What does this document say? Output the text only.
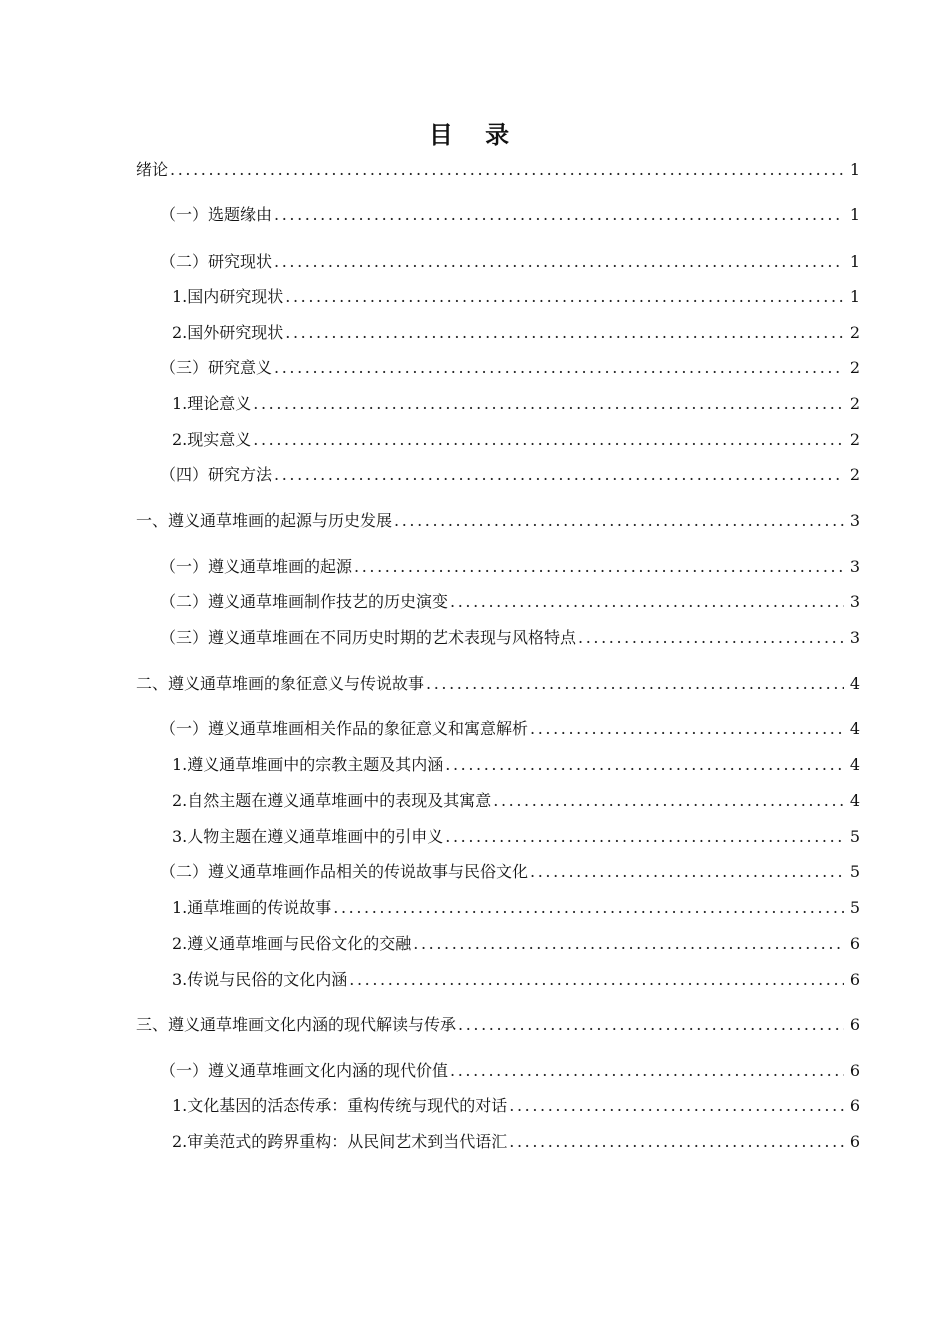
目 录
绪论 .....	1
（一）选题缘由 .....	1
（二）研究现状 .....	1
1.国内研究现状 .....	1
2.国外研究现状 .....	2
（三）研究意义 .....	2
1.理论意义 .....	2
2.现实意义 .....	2
（四）研究方法 .....	2
一、遵义通草堆画的起源与历史发展 .....	3
（一）遵义通草堆画的起源 .....	3
（二）遵义通草堆画制作技艺的历史演变 .....	3
（三）遵义通草堆画在不同历史时期的艺术表现与风格特点 .....	3
二、遵义通草堆画的象征意义与传说故事 .....	4
（一）遵义通草堆画相关作品的象征意义和寓意解析 .....	4
1.遵义通草堆画中的宗教主题及其内涵 .....	4
2.自然主题在遵义通草堆画中的表现及其寓意 .....	4
3.人物主题在遵义通草堆画中的引申义 .....	5
（二）遵义通草堆画作品相关的传说故事与民俗文化 .....	5
1.通草堆画的传说故事 .....	5
2.遵义通草堆画与民俗文化的交融 .....	6
3.传说与民俗的文化内涵 .....	6
三、遵义通草堆画文化内涵的现代解读与传承 .....	6
（一）遵义通草堆画文化内涵的现代价值 .....	6
1.文化基因的活态传承：重构传统与现代的对话 .....	6
2.审美范式的跨界重构：从民间艺术到当代语汇 .....	6
